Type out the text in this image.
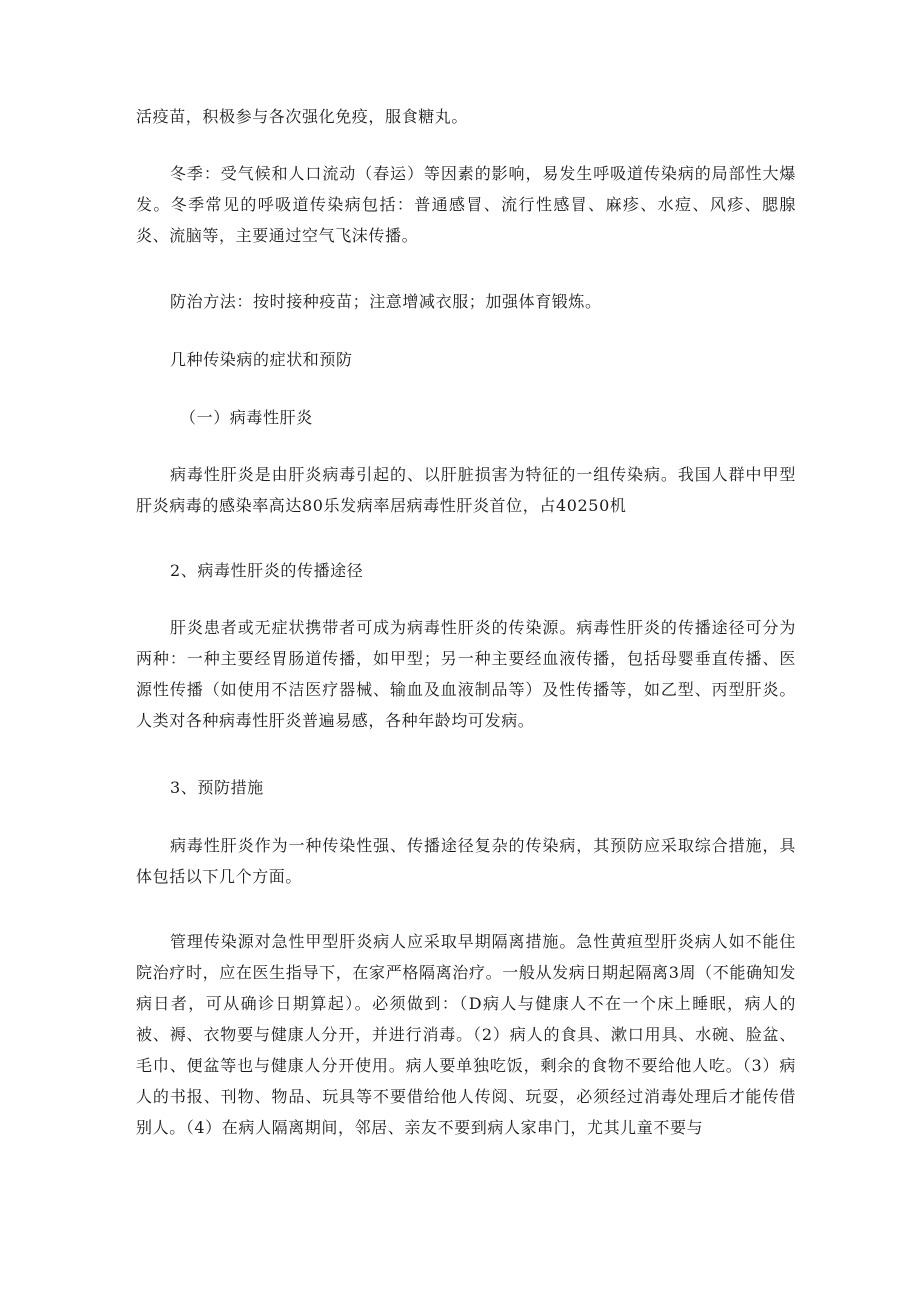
活疫苗，积极参与各次强化免疫，服食糖丸。

冬季：受气候和人口流动（春运）等因素的影响，易发生呼吸道传染病的局部性大爆发。冬季常见的呼吸道传染病包括：普通感冒、流行性感冒、麻疹、水痘、风疹、腮腺炎、流脑等，主要通过空气飞沫传播。

防治方法：按时接种疫苗；注意增减衣服；加强体育锻炼。

几种传染病的症状和预防

（一）病毒性肝炎

病毒性肝炎是由肝炎病毒引起的、以肝脏损害为特征的一组传染病。我国人群中甲型肝炎病毒的感染率高达80乐发病率居病毒性肝炎首位，占40250机

2、病毒性肝炎的传播途径

肝炎患者或无症状携带者可成为病毒性肝炎的传染源。病毒性肝炎的传播途径可分为两种：一种主要经胃肠道传播，如甲型；另一种主要经血液传播，包括母婴垂直传播、医源性传播（如使用不洁医疗器械、输血及血液制品等）及性传播等，如乙型、丙型肝炎。人类对各种病毒性肝炎普遍易感，各种年龄均可发病。

3、预防措施

病毒性肝炎作为一种传染性强、传播途径复杂的传染病，其预防应采取综合措施，具体包括以下几个方面。

管理传染源对急性甲型肝炎病人应采取早期隔离措施。急性黄疸型肝炎病人如不能住院治疗时，应在医生指导下，在家严格隔离治疗。一般从发病日期起隔离3周（不能确知发病日者，可从确诊日期算起）。必须做到：（D病人与健康人不在一个床上睡眠，病人的被、褥、衣物要与健康人分开，并进行消毒。（2）病人的食具、漱口用具、水碗、脸盆、毛巾、便盆等也与健康人分开使用。病人要单独吃饭，剩余的食物不要给他人吃。（3）病人的书报、刊物、物品、玩具等不要借给他人传阅、玩耍，必须经过消毒处理后才能传借别人。（4）在病人隔离期间，邻居、亲友不要到病人家串门，尤其儿童不要与
